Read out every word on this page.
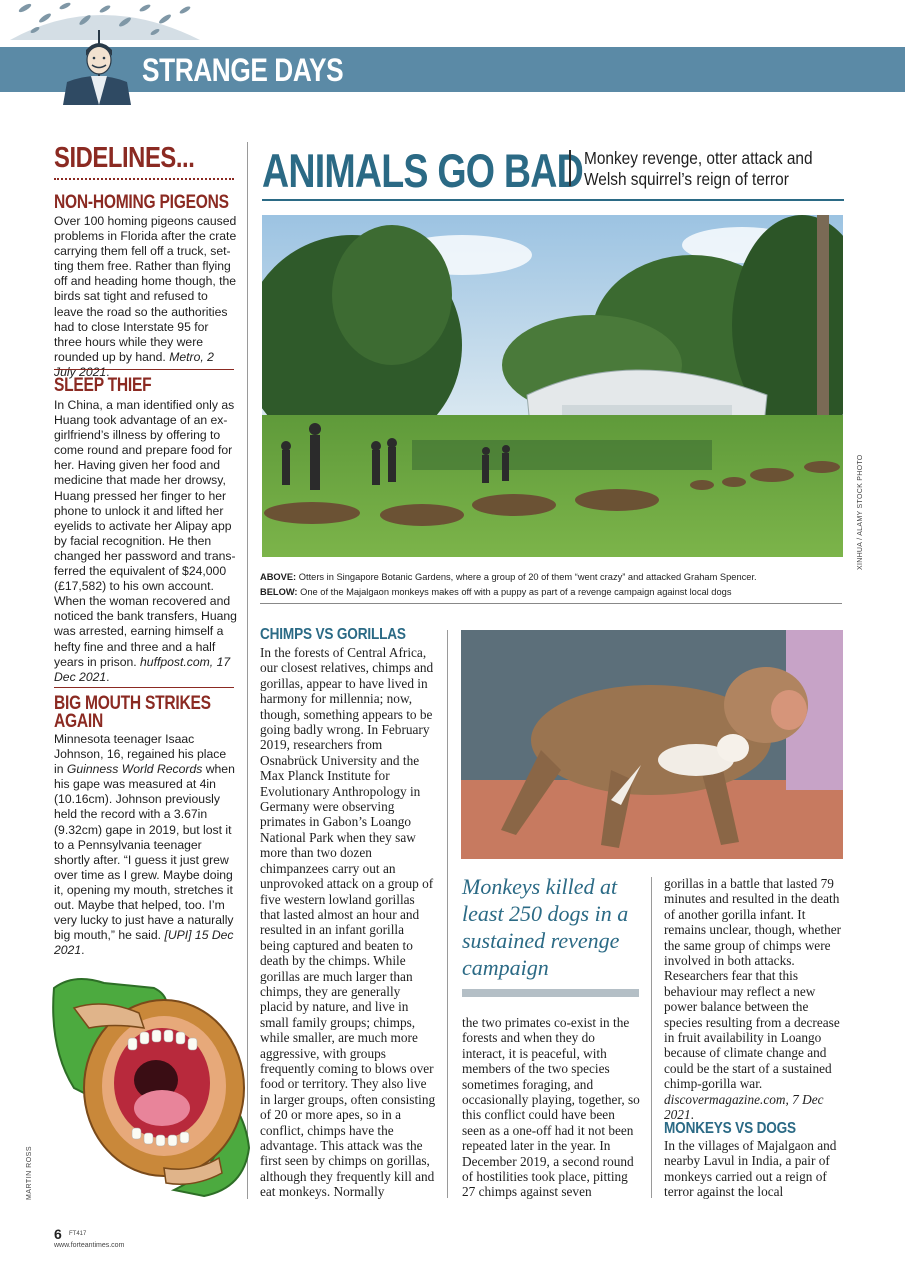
STRANGE DAYS
SIDELINES...
NON-HOMING PIGEONS
Over 100 homing pigeons caused problems in Florida after the crate carrying them fell off a truck, setting them free. Rather than flying off and heading home though, the birds sat tight and refused to leave the road so the authorities had to close Interstate 95 for three hours while they were rounded up by hand. Metro, 2 July 2021.
SLEEP THIEF
In China, a man identified only as Huang took advantage of an ex-girlfriend’s illness by offering to come round and prepare food for her. Having given her food and medicine that made her drowsy, Huang pressed her finger to her phone to unlock it and lifted her eyelids to activate her Alipay app by facial recognition. He then changed her password and transferred the equivalent of $24,000 (£17,582) to his own account. When the woman recovered and noticed the bank transfers, Huang was arrested, earning himself a hefty fine and three and a half years in prison. huffpost.com, 17 Dec 2021.
BIG MOUTH STRIKES
AGAIN
Minnesota teenager Isaac Johnson, 16, regained his place in Guinness World Records when his gape was measured at 4in (10.16cm). Johnson previously held the record with a 3.67in (9.32cm) gape in 2019, but lost it to a Pennsylvania teenager shortly after. “I guess it just grew over time as I grew. Maybe doing it, opening my mouth, stretches it out. Maybe that helped, too. I’m very lucky to just have a naturally big mouth,” he said. [UPI] 15 Dec 2021.
MARTIN ROSS
6 FT417
www.forteantimes.com
ANIMALS GO BAD Monkey revenge, otter attack and Welsh squirrel’s reign of terror
XINHUA / ALAMY STOCK PHOTO
ABOVE: Otters in Singapore Botanic Gardens, where a group of 20 of them “went crazy” and attacked Graham Spencer.
BELOW: One of the Majalgaon monkeys makes off with a puppy as part of a revenge campaign against local dogs
CHIMPS VS GORILLAS
In the forests of Central Africa, our closest relatives, chimps and gorillas, appear to have lived in harmony for millennia; now, though, something appears to be going badly wrong. In February 2019, researchers from Osnabrück University and the Max Planck Institute for Evolutionary Anthropology in Germany were observing primates in Gabon’s Loango National Park when they saw more than two dozen chimpanzees carry out an unprovoked attack on a group of five western lowland gorillas that lasted almost an hour and resulted in an infant gorilla being captured and beaten to death by the chimps. While gorillas are much larger than chimps, they are generally placid by nature, and live in small family groups; chimps, while smaller, are much more aggressive, with groups frequently coming to blows over food or territory. They also live in larger groups, often consisting of 20 or more apes, so in a conflict, chimps have the advantage. This attack was the first seen by chimps on gorillas, although they frequently kill and eat monkeys. Normally
Monkeys killed at least 250 dogs in a sustained revenge campaign
the two primates co-exist in the forests and when they do interact, it is peaceful, with members of the two species sometimes foraging, and occasionally playing, together, so this conflict could have been seen as a one-off had it not been repeated later in the year. In December 2019, a second round of hostilities took place, pitting 27 chimps against seven
gorillas in a battle that lasted 79 minutes and resulted in the death of another gorilla infant. It remains unclear, though, whether the same group of chimps were involved in both attacks. Researchers fear that this behaviour may reflect a new power balance between the species resulting from a decrease in fruit availability in Loango because of climate change and could be the start of a sustained chimp-gorilla war. discovermagazine.com, 7 Dec 2021.
MONKEYS VS DOGS
In the villages of Majalgaon and nearby Lavul in India, a pair of monkeys carried out a reign of terror against the local
